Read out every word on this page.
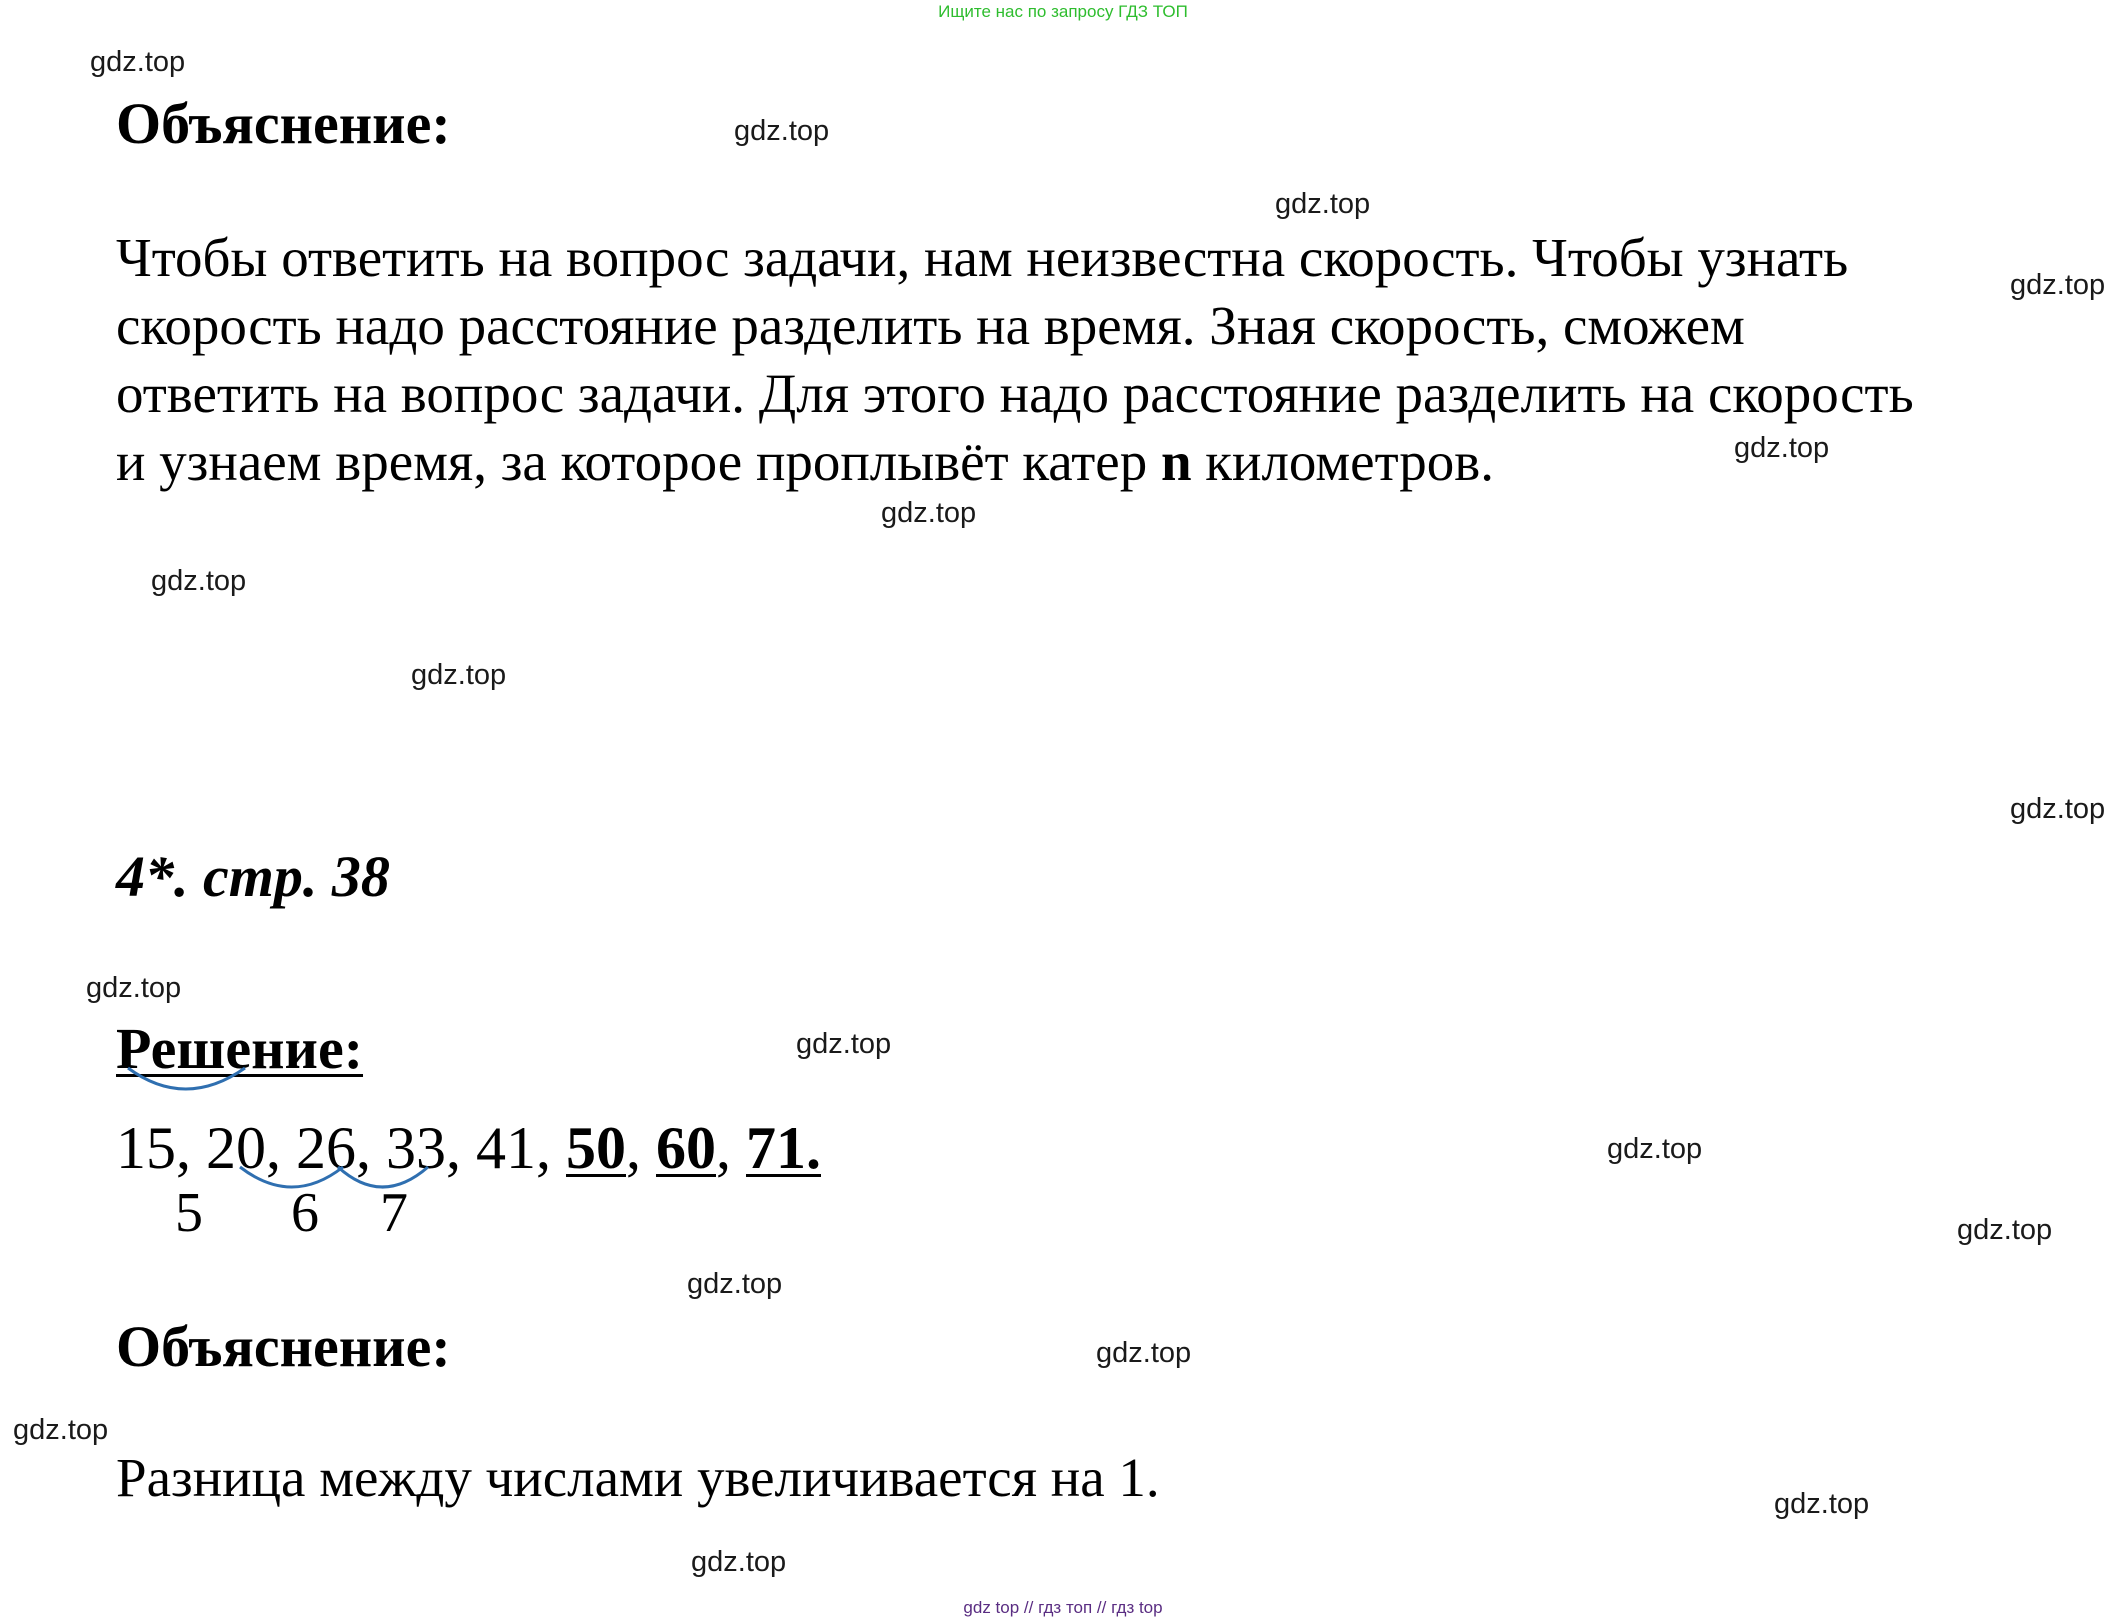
Ищите нас по запросу ГДЗ ТОП
gdz.top
gdz.top
gdz.top
gdz.top
gdz.top
gdz.top
gdz.top
gdz.top
gdz.top
gdz.top
gdz.top
gdz.top
gdz.top
gdz.top
gdz.top
gdz.top
gdz.top
gdz.top
Объяснение:
Чтобы ответить на вопрос задачи, нам неизвестна скорость. Чтобы узнать
скорость надо расстояние разделить на время. Зная скорость, сможем
ответить на вопрос задачи. Для этого надо расстояние разделить на скорость
и узнаем время, за которое проплывёт катер n километров.
4*. стр. 38
Решение:
15, 20, 26, 33, 41, 50, 60, 71.
5 6 7
Объяснение:
Разница между числами увеличивается на 1.
gdz top // гдз топ // гдз top
